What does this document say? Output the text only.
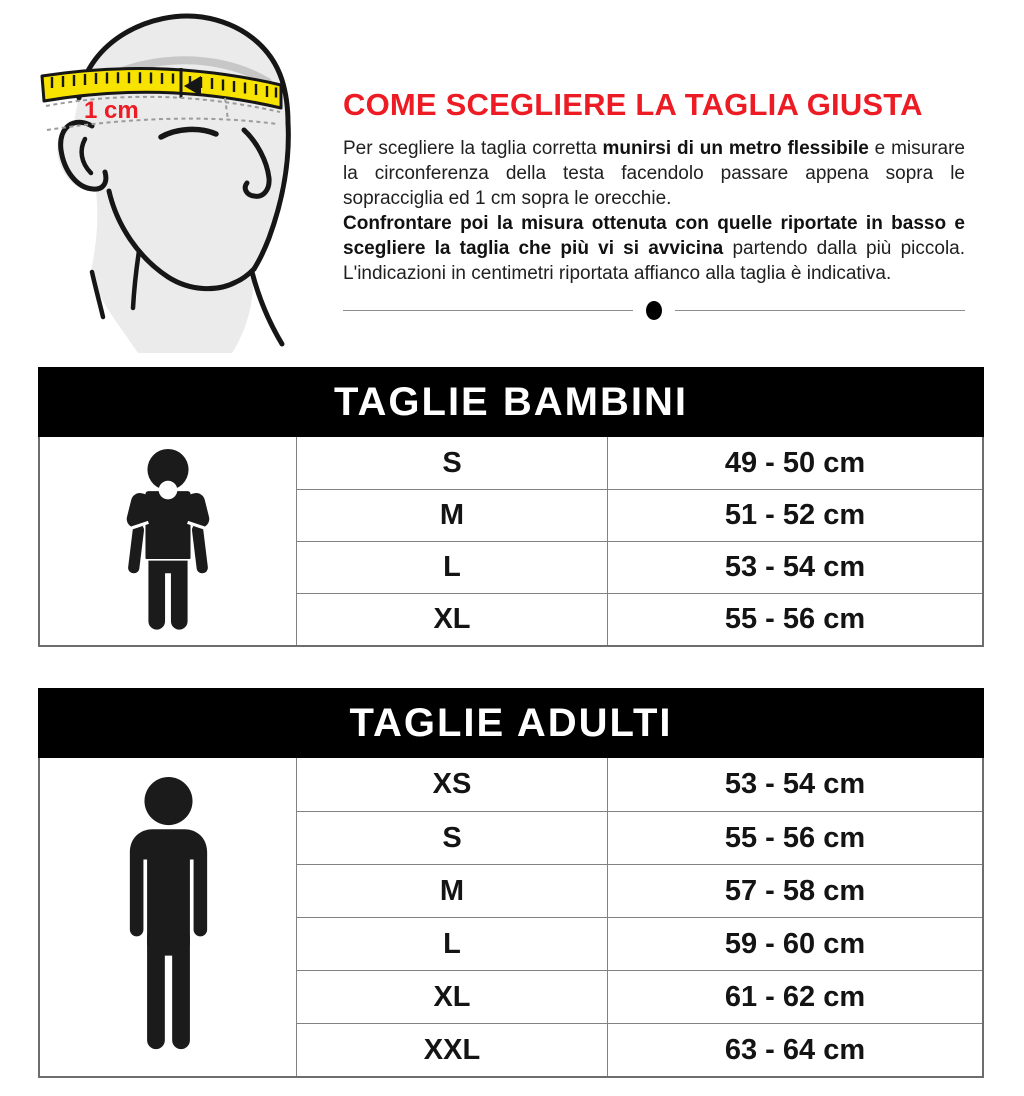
1 cm	COME SCEGLIERE LA TAGLIA GIUSTA

Per scegliere la taglia corretta munirsi di un metro flessibile e misurare la circonferenza della testa facendolo passare appena sopra le sopracciglia ed 1 cm sopra le orecchie.
Confrontare poi la misura ottenuta con quelle riportate in basso e scegliere la taglia che più vi si avvicina partendo dalla più piccola. L'indicazioni in centimetri riportata affianco alla taglia è indicativa.

TAGLIE BAMBINI
S	49 - 50 cm
M	51 - 52 cm
L	53 - 54 cm
XL	55 - 56 cm
TAGLIE ADULTI
XS	53 - 54 cm
S	55 - 56 cm
M	57 - 58 cm
L	59 - 60 cm
XL	61 - 62 cm
XXL	63 - 64 cm
